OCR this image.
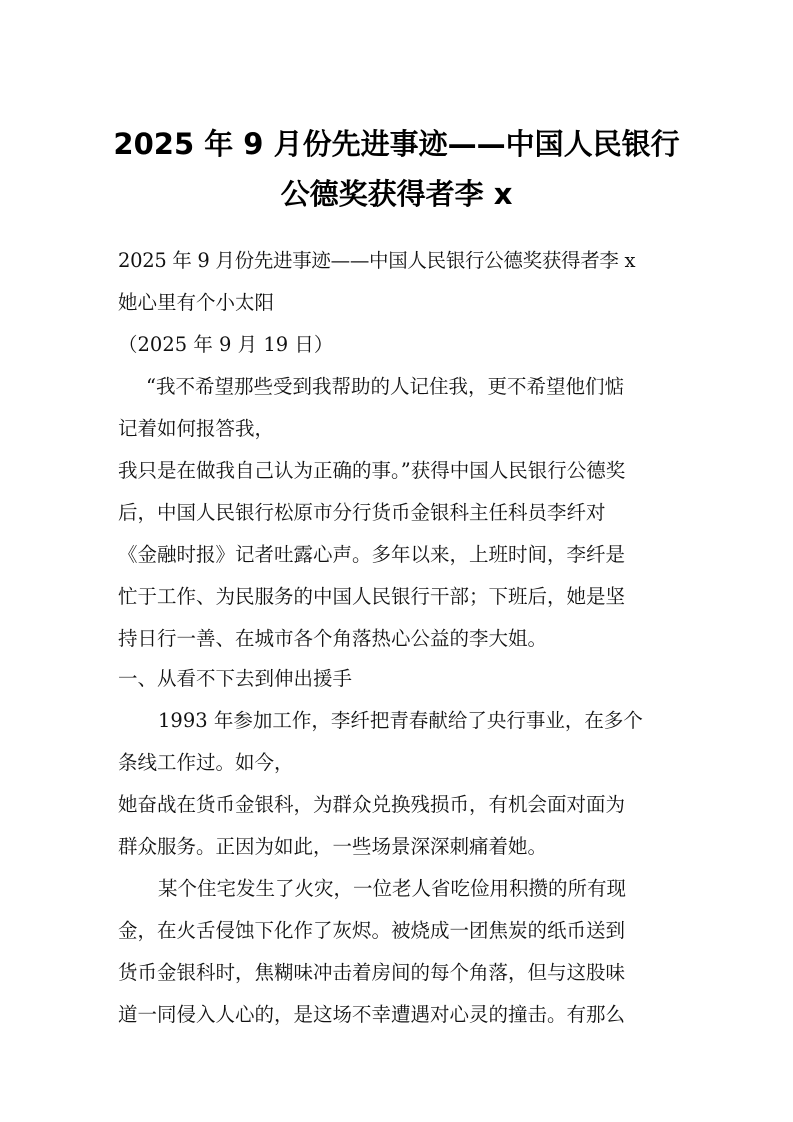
2025 年 9 月份先进事迹——中国人民银行
公德奖获得者李 x
2025 年 9 月份先进事迹——中国人民银行公德奖获得者李 x
她心里有个小太阳
（2025 年 9 月 19 日）
“我不希望那些受到我帮助的人记住我，更不希望他们惦
记着如何报答我，
我只是在做我自己认为正确的事。”获得中国人民银行公德奖
后，中国人民银行松原市分行货币金银科主任科员李纤对
《金融时报》记者吐露心声。多年以来，上班时间，李纤是
忙于工作、为民服务的中国人民银行干部；下班后，她是坚
持日行一善、在城市各个角落热心公益的李大姐。
一、从看不下去到伸出援手
1993 年参加工作，李纤把青春献给了央行事业，在多个
条线工作过。如今，
她奋战在货币金银科，为群众兑换残损币，有机会面对面为
群众服务。正因为如此，一些场景深深刺痛着她。
某个住宅发生了火灾，一位老人省吃俭用积攒的所有现
金，在火舌侵蚀下化作了灰烬。被烧成一团焦炭的纸币送到
货币金银科时，焦糊味冲击着房间的每个角落，但与这股味
道一同侵入人心的，是这场不幸遭遇对心灵的撞击。有那么
